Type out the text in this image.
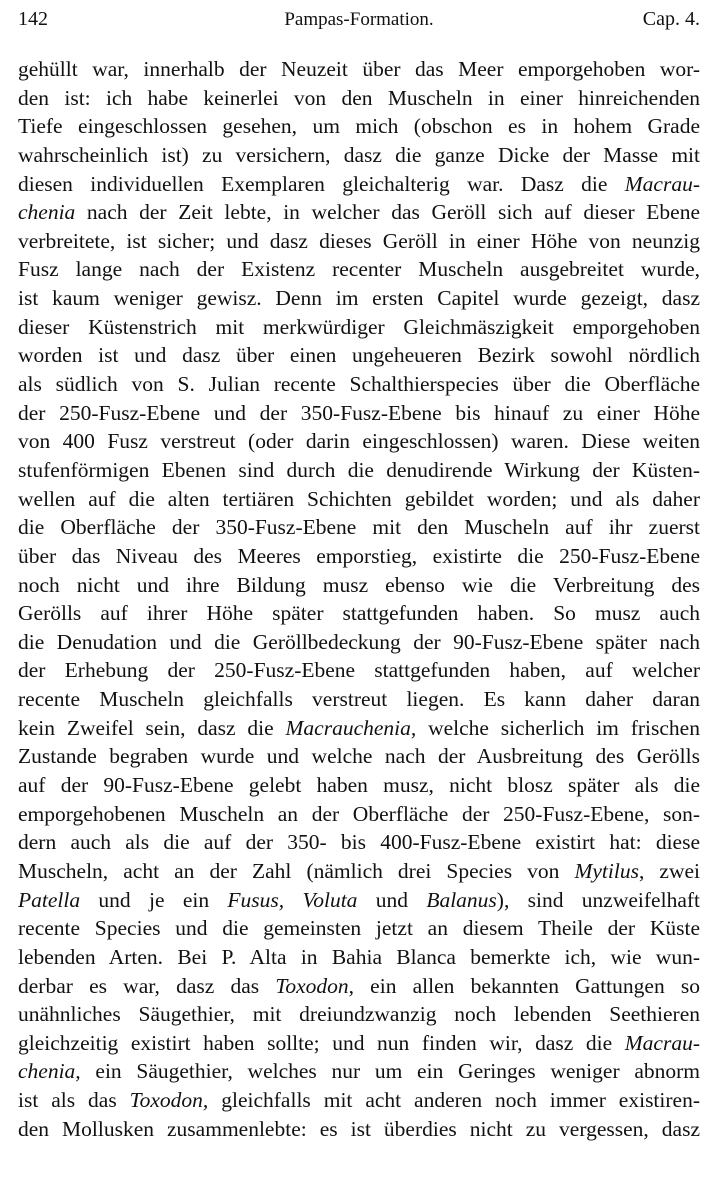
142	Pampas-Formation.	Cap. 4.
gehüllt war, innerhalb der Neuzeit über das Meer emporgehoben wor-
den ist: ich habe keinerlei von den Muscheln in einer hinreichenden
Tiefe eingeschlossen gesehen, um mich (obschon es in hohem Grade
wahrscheinlich ist) zu versichern, dasz die ganze Dicke der Masse mit
diesen individuellen Exemplaren gleichalterig war. Dasz die Macrau-
chenia nach der Zeit lebte, in welcher das Geröll sich auf dieser Ebene
verbreitete, ist sicher; und dasz dieses Geröll in einer Höhe von neunzig
Fusz lange nach der Existenz recenter Muscheln ausgebreitet wurde,
ist kaum weniger gewisz. Denn im ersten Capitel wurde gezeigt, dasz
dieser Küstenstrich mit merkwürdiger Gleichmäszigkeit emporgehoben
worden ist und dasz über einen ungeheueren Bezirk sowohl nördlich
als südlich von S. Julian recente Schalthierspecies über die Oberfläche
der 250-Fusz-Ebene und der 350-Fusz-Ebene bis hinauf zu einer Höhe
von 400 Fusz verstreut (oder darin eingeschlossen) waren. Diese weiten
stufenförmigen Ebenen sind durch die denudirende Wirkung der Küsten-
wellen auf die alten tertiären Schichten gebildet worden; und als daher
die Oberfläche der 350-Fusz-Ebene mit den Muscheln auf ihr zuerst
über das Niveau des Meeres emporstieg, existirte die 250-Fusz-Ebene
noch nicht und ihre Bildung musz ebenso wie die Verbreitung des
Gerölls auf ihrer Höhe später stattgefunden haben. So musz auch
die Denudation und die Geröllbedeckung der 90-Fusz-Ebene später nach
der Erhebung der 250-Fusz-Ebene stattgefunden haben, auf welcher
recente Muscheln gleichfalls verstreut liegen. Es kann daher daran
kein Zweifel sein, dasz die Macrauchenia, welche sicherlich im frischen
Zustande begraben wurde und welche nach der Ausbreitung des Gerölls
auf der 90-Fusz-Ebene gelebt haben musz, nicht blosz später als die
emporgehobenen Muscheln an der Oberfläche der 250-Fusz-Ebene, son-
dern auch als die auf der 350- bis 400-Fusz-Ebene existirt hat: diese
Muscheln, acht an der Zahl (nämlich drei Species von Mytilus, zwei
Patella und je ein Fusus, Voluta und Balanus), sind unzweifelhaft
recente Species und die gemeinsten jetzt an diesem Theile der Küste
lebenden Arten. Bei P. Alta in Bahia Blanca bemerkte ich, wie wun-
derbar es war, dasz das Toxodon, ein allen bekannten Gattungen so
unähnliches Säugethier, mit dreiundzwanzig noch lebenden Seethieren
gleichzeitig existirt haben sollte; und nun finden wir, dasz die Macrau-
chenia, ein Säugethier, welches nur um ein Geringes weniger abnorm
ist als das Toxodon, gleichfalls mit acht anderen noch immer existiren-
den Mollusken zusammenlebte: es ist überdies nicht zu vergessen, dasz
